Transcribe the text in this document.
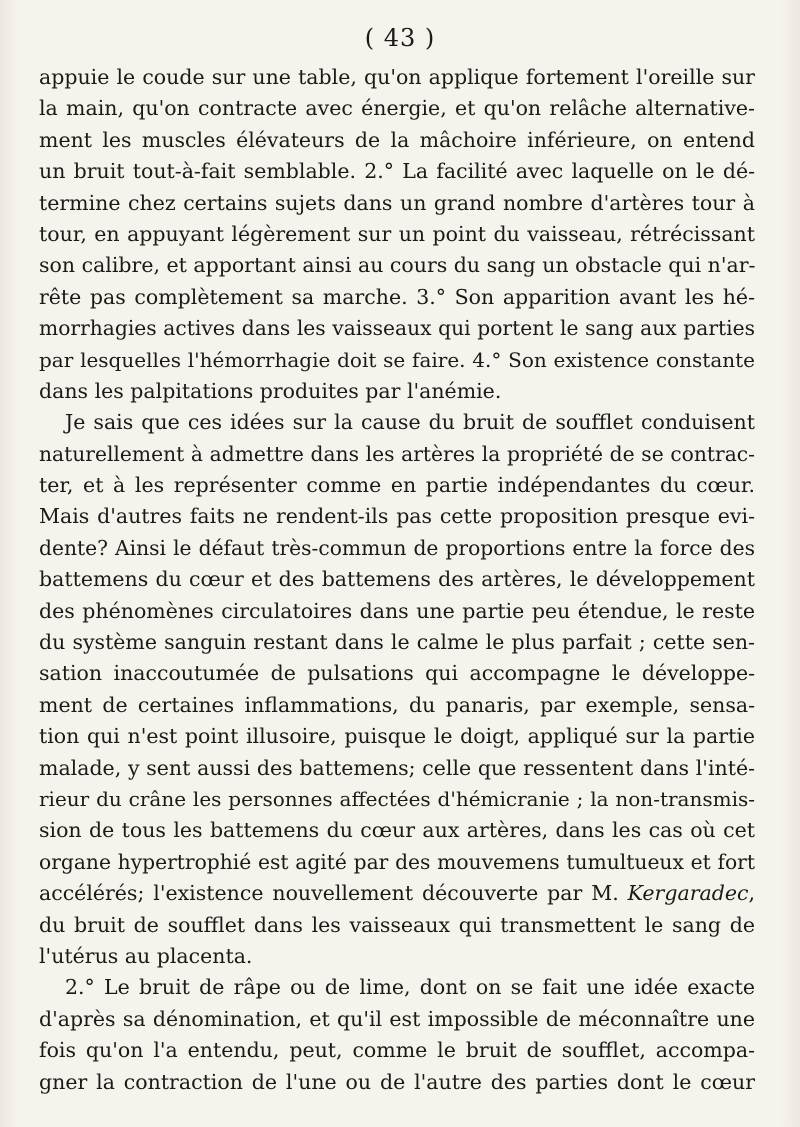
( 43 )
appuie le coude sur une table, qu'on applique fortement l'oreille sur
la main, qu'on contracte avec énergie, et qu'on relâche alternative-
ment les muscles élévateurs de la mâchoire inférieure, on entend
un bruit tout-à-fait semblable. 2.° La facilité avec laquelle on le dé-
termine chez certains sujets dans un grand nombre d'artères tour à
tour, en appuyant légèrement sur un point du vaisseau, rétrécissant
son calibre, et apportant ainsi au cours du sang un obstacle qui n'ar-
rête pas complètement sa marche. 3.° Son apparition avant les hé-
morrhagies actives dans les vaisseaux qui portent le sang aux parties
par lesquelles l'hémorrhagie doit se faire. 4.° Son existence constante
dans les palpitations produites par l'anémie.
Je sais que ces idées sur la cause du bruit de soufflet conduisent
naturellement à admettre dans les artères la propriété de se contrac-
ter, et à les représenter comme en partie indépendantes du cœur.
Mais d'autres faits ne rendent-ils pas cette proposition presque evi-
dente? Ainsi le défaut très-commun de proportions entre la force des
battemens du cœur et des battemens des artères, le développement
des phénomènes circulatoires dans une partie peu étendue, le reste
du système sanguin restant dans le calme le plus parfait ; cette sen-
sation inaccoutumée de pulsations qui accompagne le développe-
ment de certaines inflammations, du panaris, par exemple, sensa-
tion qui n'est point illusoire, puisque le doigt, appliqué sur la partie
malade, y sent aussi des battemens; celle que ressentent dans l'inté-
rieur du crâne les personnes affectées d'hémicranie ; la non-transmis-
sion de tous les battemens du cœur aux artères, dans les cas où cet
organe hypertrophié est agité par des mouvemens tumultueux et fort
accélérés; l'existence nouvellement découverte par M. Kergaradec,
du bruit de soufflet dans les vaisseaux qui transmettent le sang de
l'utérus au placenta.
2.° Le bruit de râpe ou de lime, dont on se fait une idée exacte
d'après sa dénomination, et qu'il est impossible de méconnaître une
fois qu'on l'a entendu, peut, comme le bruit de soufflet, accompa-
gner la contraction de l'une ou de l'autre des parties dont le cœur
